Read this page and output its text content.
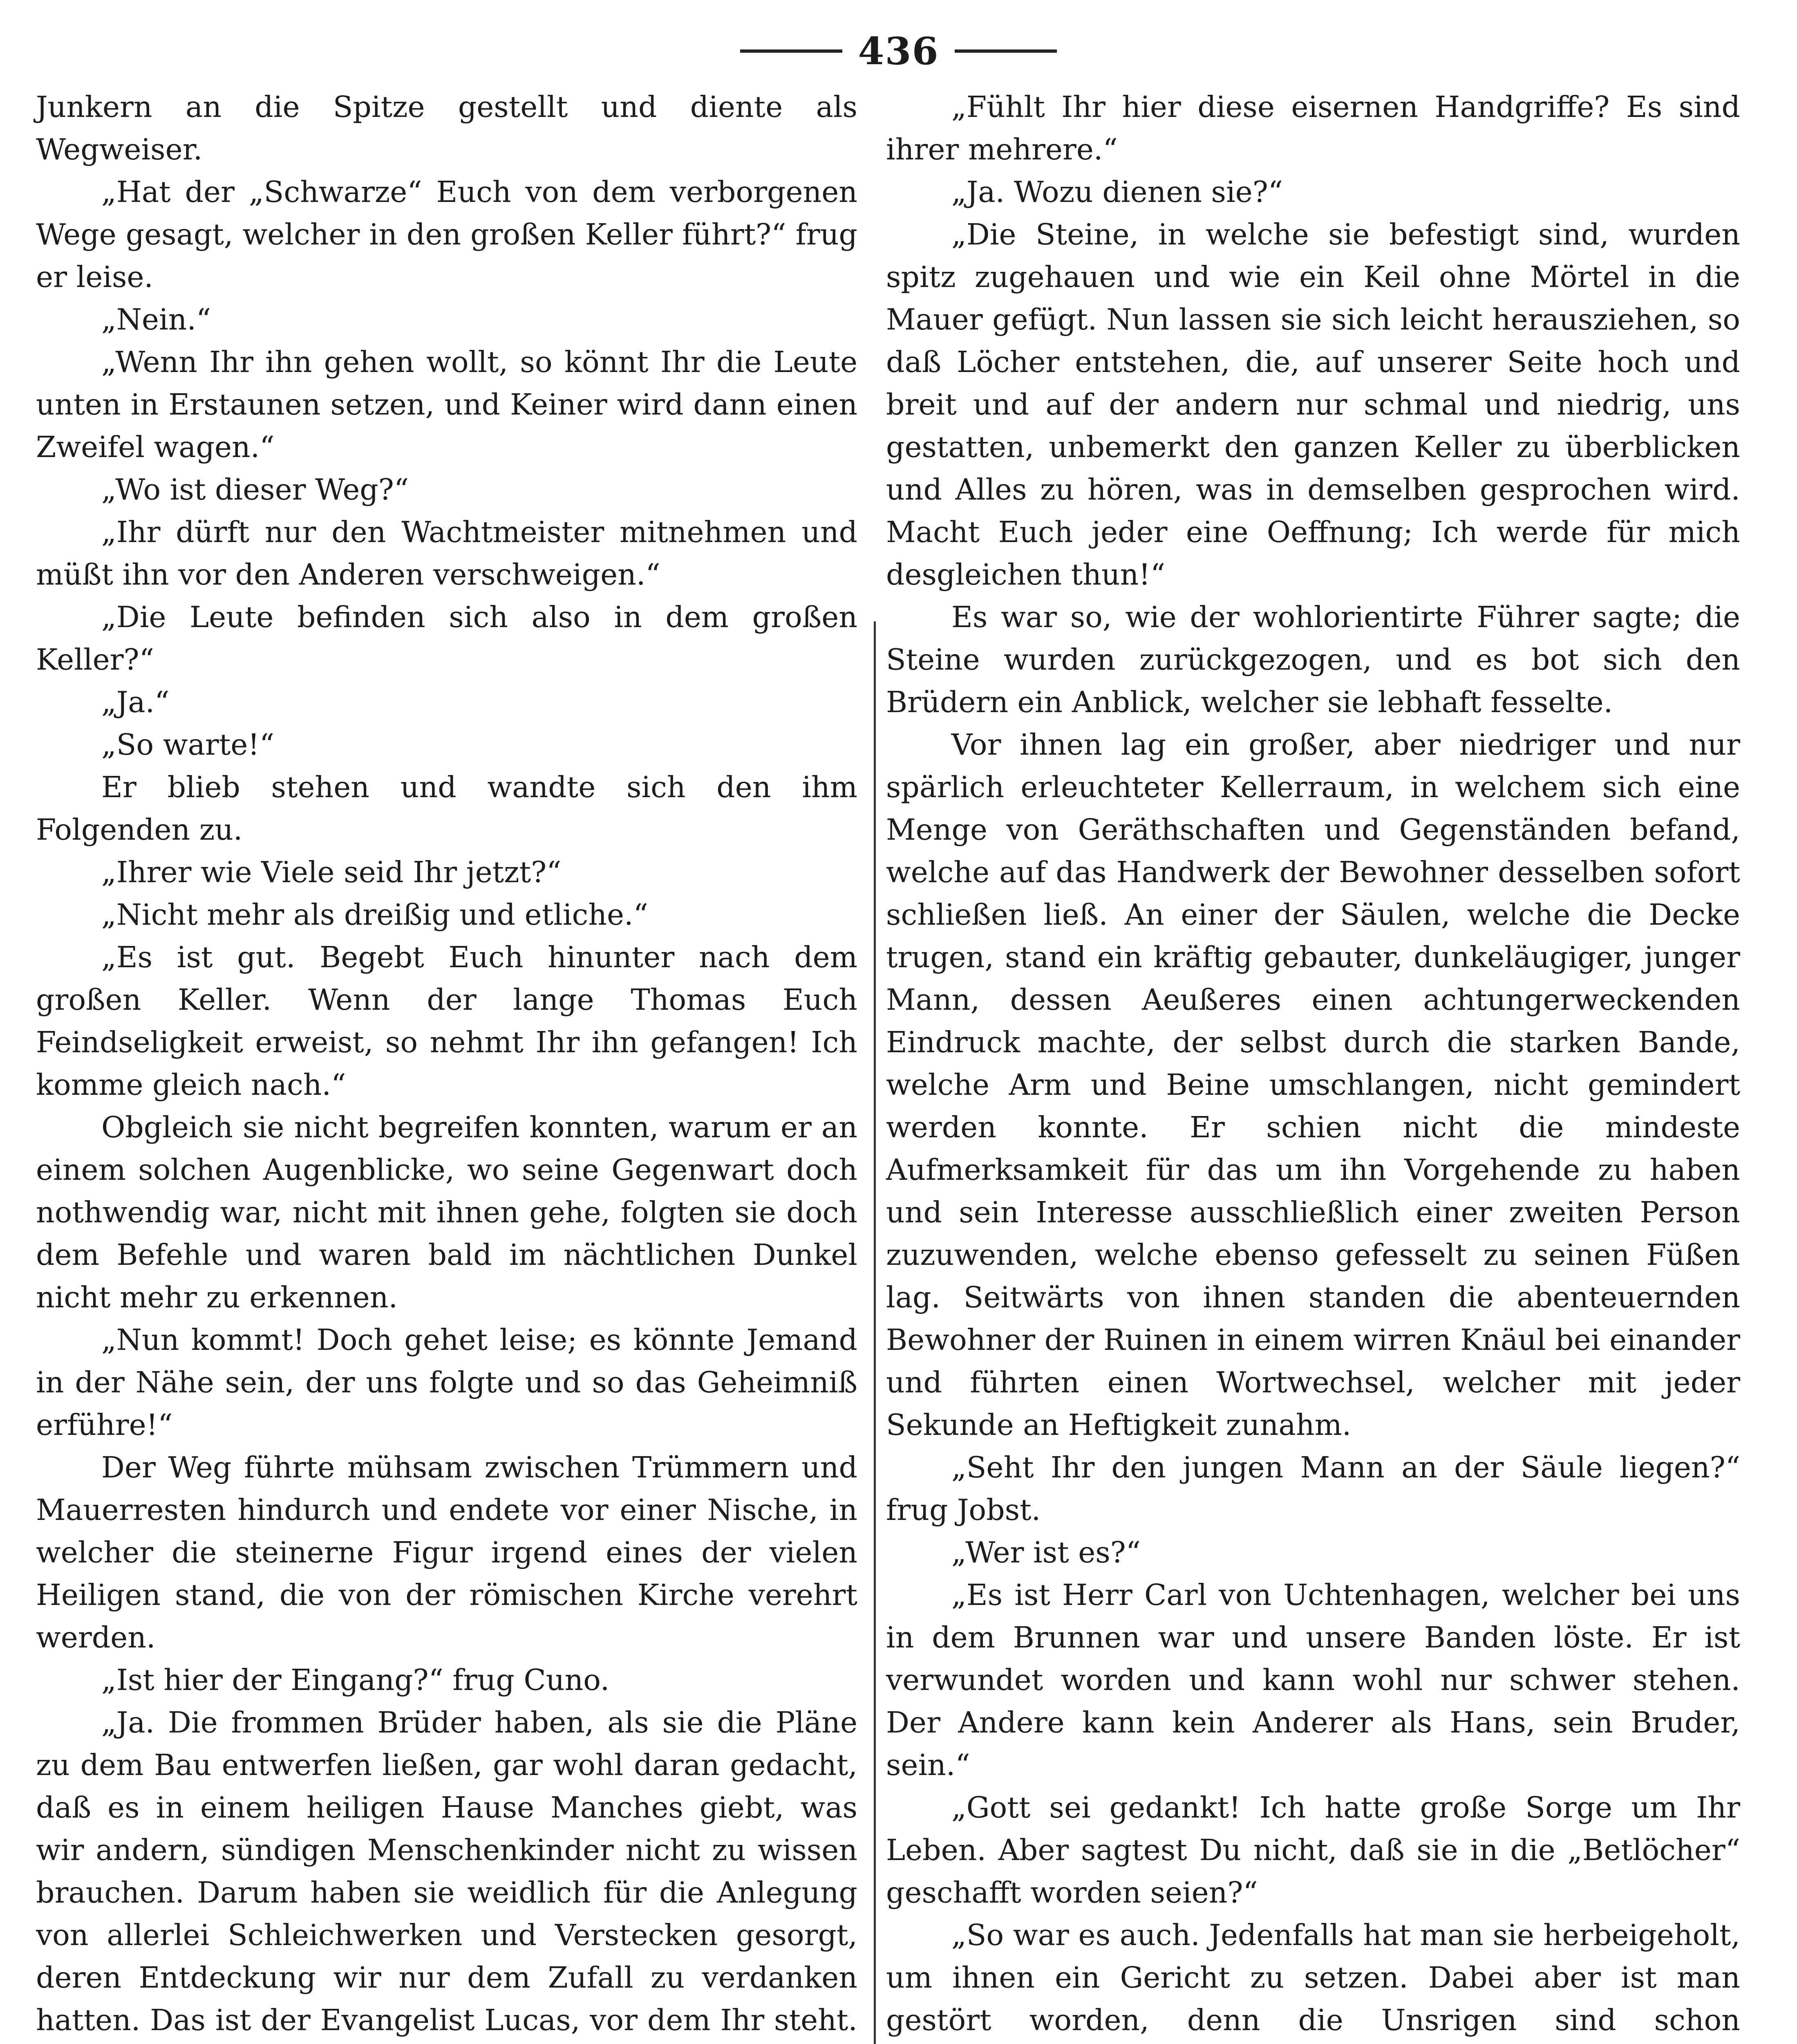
436

Junkern an die Spitze gestellt und diente als Wegweiser.

„Hat der „Schwarze“ Euch von dem verborgenen Wege gesagt, welcher in den großen Keller führt?“ frug er leise.

„Nein.“

„Wenn Ihr ihn gehen wollt, so könnt Ihr die Leute unten in Erstaunen setzen, und Keiner wird dann einen Zweifel wagen.“

„Wo ist dieser Weg?“

„Ihr dürft nur den Wachtmeister mitnehmen und müßt ihn vor den Anderen verschweigen.“

„Die Leute befinden sich also in dem großen Keller?“

„Ja.“

„So warte!“

Er blieb stehen und wandte sich den ihm Folgenden zu.

„Ihrer wie Viele seid Ihr jetzt?“

„Nicht mehr als dreißig und etliche.“

„Es ist gut. Begebt Euch hinunter nach dem großen Keller. Wenn der lange Thomas Euch Feindseligkeit erweist, so nehmt Ihr ihn gefangen! Ich komme gleich nach.“

Obgleich sie nicht begreifen konnten, warum er an einem solchen Augenblicke, wo seine Gegenwart doch nothwendig war, nicht mit ihnen gehe, folgten sie doch dem Befehle und waren bald im nächtlichen Dunkel nicht mehr zu erkennen.

„Nun kommt! Doch gehet leise; es könnte Jemand in der Nähe sein, der uns folgte und so das Geheimniß erführe!“

Der Weg führte mühsam zwischen Trümmern und Mauerresten hindurch und endete vor einer Nische, in welcher die steinerne Figur irgend eines der vielen Heiligen stand, die von der römischen Kirche verehrt werden.

„Ist hier der Eingang?“ frug Cuno.

„Ja. Die frommen Brüder haben, als sie die Pläne zu dem Bau entwerfen ließen, gar wohl daran gedacht, daß es in einem heiligen Hause Manches giebt, was wir andern, sündigen Menschenkinder nicht zu wissen brauchen. Darum haben sie weidlich für die Anlegung von allerlei Schleichwerken und Verstecken gesorgt, deren Entdeckung wir nur dem Zufall zu verdanken hatten. Das ist der Evangelist Lucas, vor dem Ihr steht.

„Fühlt Ihr hier diese eisernen Handgriffe? Es sind ihrer mehrere.“

„Ja. Wozu dienen sie?“

„Die Steine, in welche sie befestigt sind, wurden spitz zugehauen und wie ein Keil ohne Mörtel in die Mauer gefügt. Nun lassen sie sich leicht herausziehen, so daß Löcher entstehen, die, auf unserer Seite hoch und breit und auf der andern nur schmal und niedrig, uns gestatten, unbemerkt den ganzen Keller zu überblicken und Alles zu hören, was in demselben gesprochen wird. Macht Euch jeder eine Oeffnung; Ich werde für mich desgleichen thun!“

Es war so, wie der wohlorientirte Führer sagte; die Steine wurden zurückgezogen, und es bot sich den Brüdern ein Anblick, welcher sie lebhaft fesselte.

Vor ihnen lag ein großer, aber niedriger und nur spärlich erleuchteter Kellerraum, in welchem sich eine Menge von Geräthschaften und Gegenständen befand, welche auf das Handwerk der Bewohner desselben sofort schließen ließ. An einer der Säulen, welche die Decke trugen, stand ein kräftig gebauter, dunkeläugiger, junger Mann, dessen Aeußeres einen achtungerweckenden Eindruck machte, der selbst durch die starken Bande, welche Arm und Beine umschlangen, nicht gemindert werden konnte. Er schien nicht die mindeste Aufmerksamkeit für das um ihn Vorgehende zu haben und sein Interesse ausschließlich einer zweiten Person zuzuwenden, welche ebenso gefesselt zu seinen Füßen lag. Seitwärts von ihnen standen die abenteuernden Bewohner der Ruinen in einem wirren Knäul bei einander und führten einen Wortwechsel, welcher mit jeder Sekunde an Heftigkeit zunahm.

„Seht Ihr den jungen Mann an der Säule liegen?“ frug Jobst.

„Wer ist es?“

„Es ist Herr Carl von Uchtenhagen, welcher bei uns in dem Brunnen war und unsere Banden löste. Er ist verwundet worden und kann wohl nur schwer stehen. Der Andere kann kein Anderer als Hans, sein Bruder, sein.“

„Gott sei gedankt! Ich hatte große Sorge um Ihr Leben. Aber sagtest Du nicht, daß sie in die „Betlöcher“ geschafft worden seien?“

„So war es auch. Jedenfalls hat man sie herbeigeholt, um ihnen ein Gericht zu setzen. Dabei aber ist man gestört worden, denn die Unsrigen sind schon
